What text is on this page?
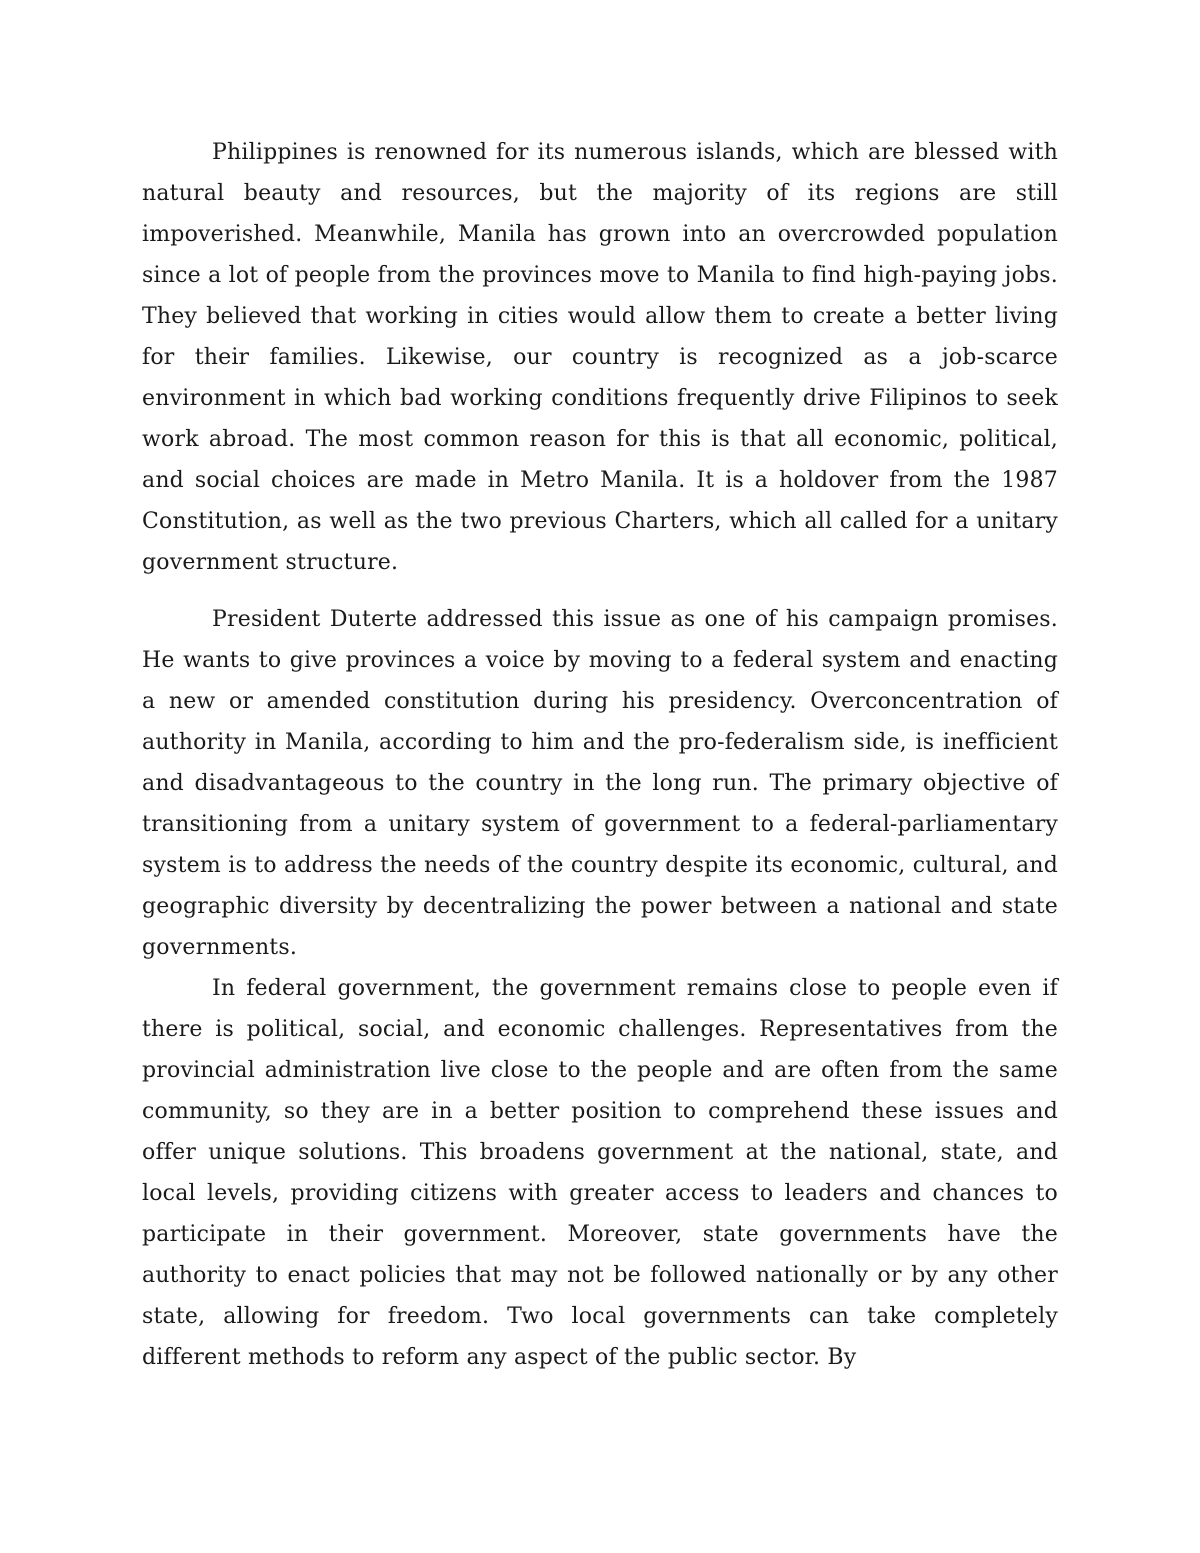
Philippines is renowned for its numerous islands, which are blessed with natural beauty and resources, but the majority of its regions are still impoverished. Meanwhile, Manila has grown into an overcrowded population since a lot of people from the provinces move to Manila to find high-paying jobs. They believed that working in cities would allow them to create a better living for their families. Likewise, our country is recognized as a job-scarce environment in which bad working conditions frequently drive Filipinos to seek work abroad. The most common reason for this is that all economic, political, and social choices are made in Metro Manila. It is a holdover from the 1987 Constitution, as well as the two previous Charters, which all called for a unitary government structure.

President Duterte addressed this issue as one of his campaign promises. He wants to give provinces a voice by moving to a federal system and enacting a new or amended constitution during his presidency. Overconcentration of authority in Manila, according to him and the pro-federalism side, is inefficient and disadvantageous to the country in the long run. The primary objective of transitioning from a unitary system of government to a federal-parliamentary system is to address the needs of the country despite its economic, cultural, and geographic diversity by decentralizing the power between a national and state governments.

In federal government, the government remains close to people even if there is political, social, and economic challenges. Representatives from the provincial administration live close to the people and are often from the same community, so they are in a better position to comprehend these issues and offer unique solutions. This broadens government at the national, state, and local levels, providing citizens with greater access to leaders and chances to participate in their government. Moreover, state governments have the authority to enact policies that may not be followed nationally or by any other state, allowing for freedom. Two local governments can take completely different methods to reform any aspect of the public sector. By
